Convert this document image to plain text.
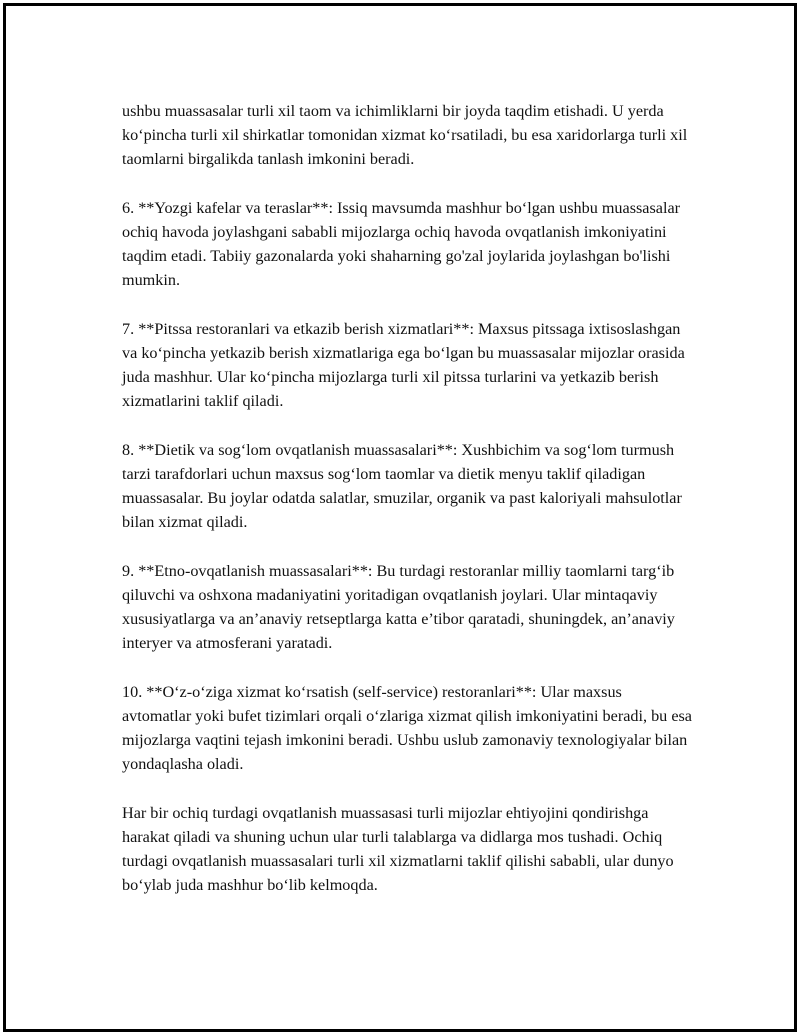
ushbu muassasalar turli xil taom va ichimliklarni bir joyda taqdim etishadi. U yerda ko‘pincha turli xil shirkatlar tomonidan xizmat ko‘rsatiladi, bu esa xaridorlarga turli xil taomlarni birgalikda tanlash imkonini beradi.

6. **Yozgi kafelar va teraslar**: Issiq mavsumda mashhur bo‘lgan ushbu muassasalar ochiq havoda joylashgani sababli mijozlarga ochiq havoda ovqatlanish imkoniyatini taqdim etadi. Tabiiy gazonalarda yoki shaharning go'zal joylarida joylashgan bo'lishi mumkin.

7. **Pitssa restoranlari va etkazib berish xizmatlari**: Maxsus pitssaga ixtisoslashgan va ko‘pincha yetkazib berish xizmatlariga ega bo‘lgan bu muassasalar mijozlar orasida juda mashhur. Ular ko‘pincha mijozlarga turli xil pitssa turlarini va yetkazib berish xizmatlarini taklif qiladi.

8. **Dietik va sog‘lom ovqatlanish muassasalari**: Xushbichim va sog‘lom turmush tarzi tarafdorlari uchun maxsus sog‘lom taomlar va dietik menyu taklif qiladigan muassasalar. Bu joylar odatda salatlar, smuzilar, organik va past kaloriyali mahsulotlar bilan xizmat qiladi.

9. **Etno-ovqatlanish muassasalari**: Bu turdagi restoranlar milliy taomlarni targ‘ib qiluvchi va oshxona madaniyatini yoritadigan ovqatlanish joylari. Ular mintaqaviy xususiyatlarga va an’anaviy retseptlarga katta e’tibor qaratadi, shuningdek, an’anaviy interyer va atmosferani yaratadi.

10. **O‘z-o‘ziga xizmat ko‘rsatish (self-service) restoranlari**: Ular maxsus avtomatlar yoki bufet tizimlari orqali o‘zlariga xizmat qilish imkoniyatini beradi, bu esa mijozlarga vaqtini tejash imkonini beradi. Ushbu uslub zamonaviy texnologiyalar bilan yondaqlasha oladi.

Har bir ochiq turdagi ovqatlanish muassasasi turli mijozlar ehtiyojini qondirishga harakat qiladi va shuning uchun ular turli talablarga va didlarga mos tushadi. Ochiq turdagi ovqatlanish muassasalari turli xil xizmatlarni taklif qilishi sababli, ular dunyo bo‘ylab juda mashhur bo‘lib kelmoqda.
